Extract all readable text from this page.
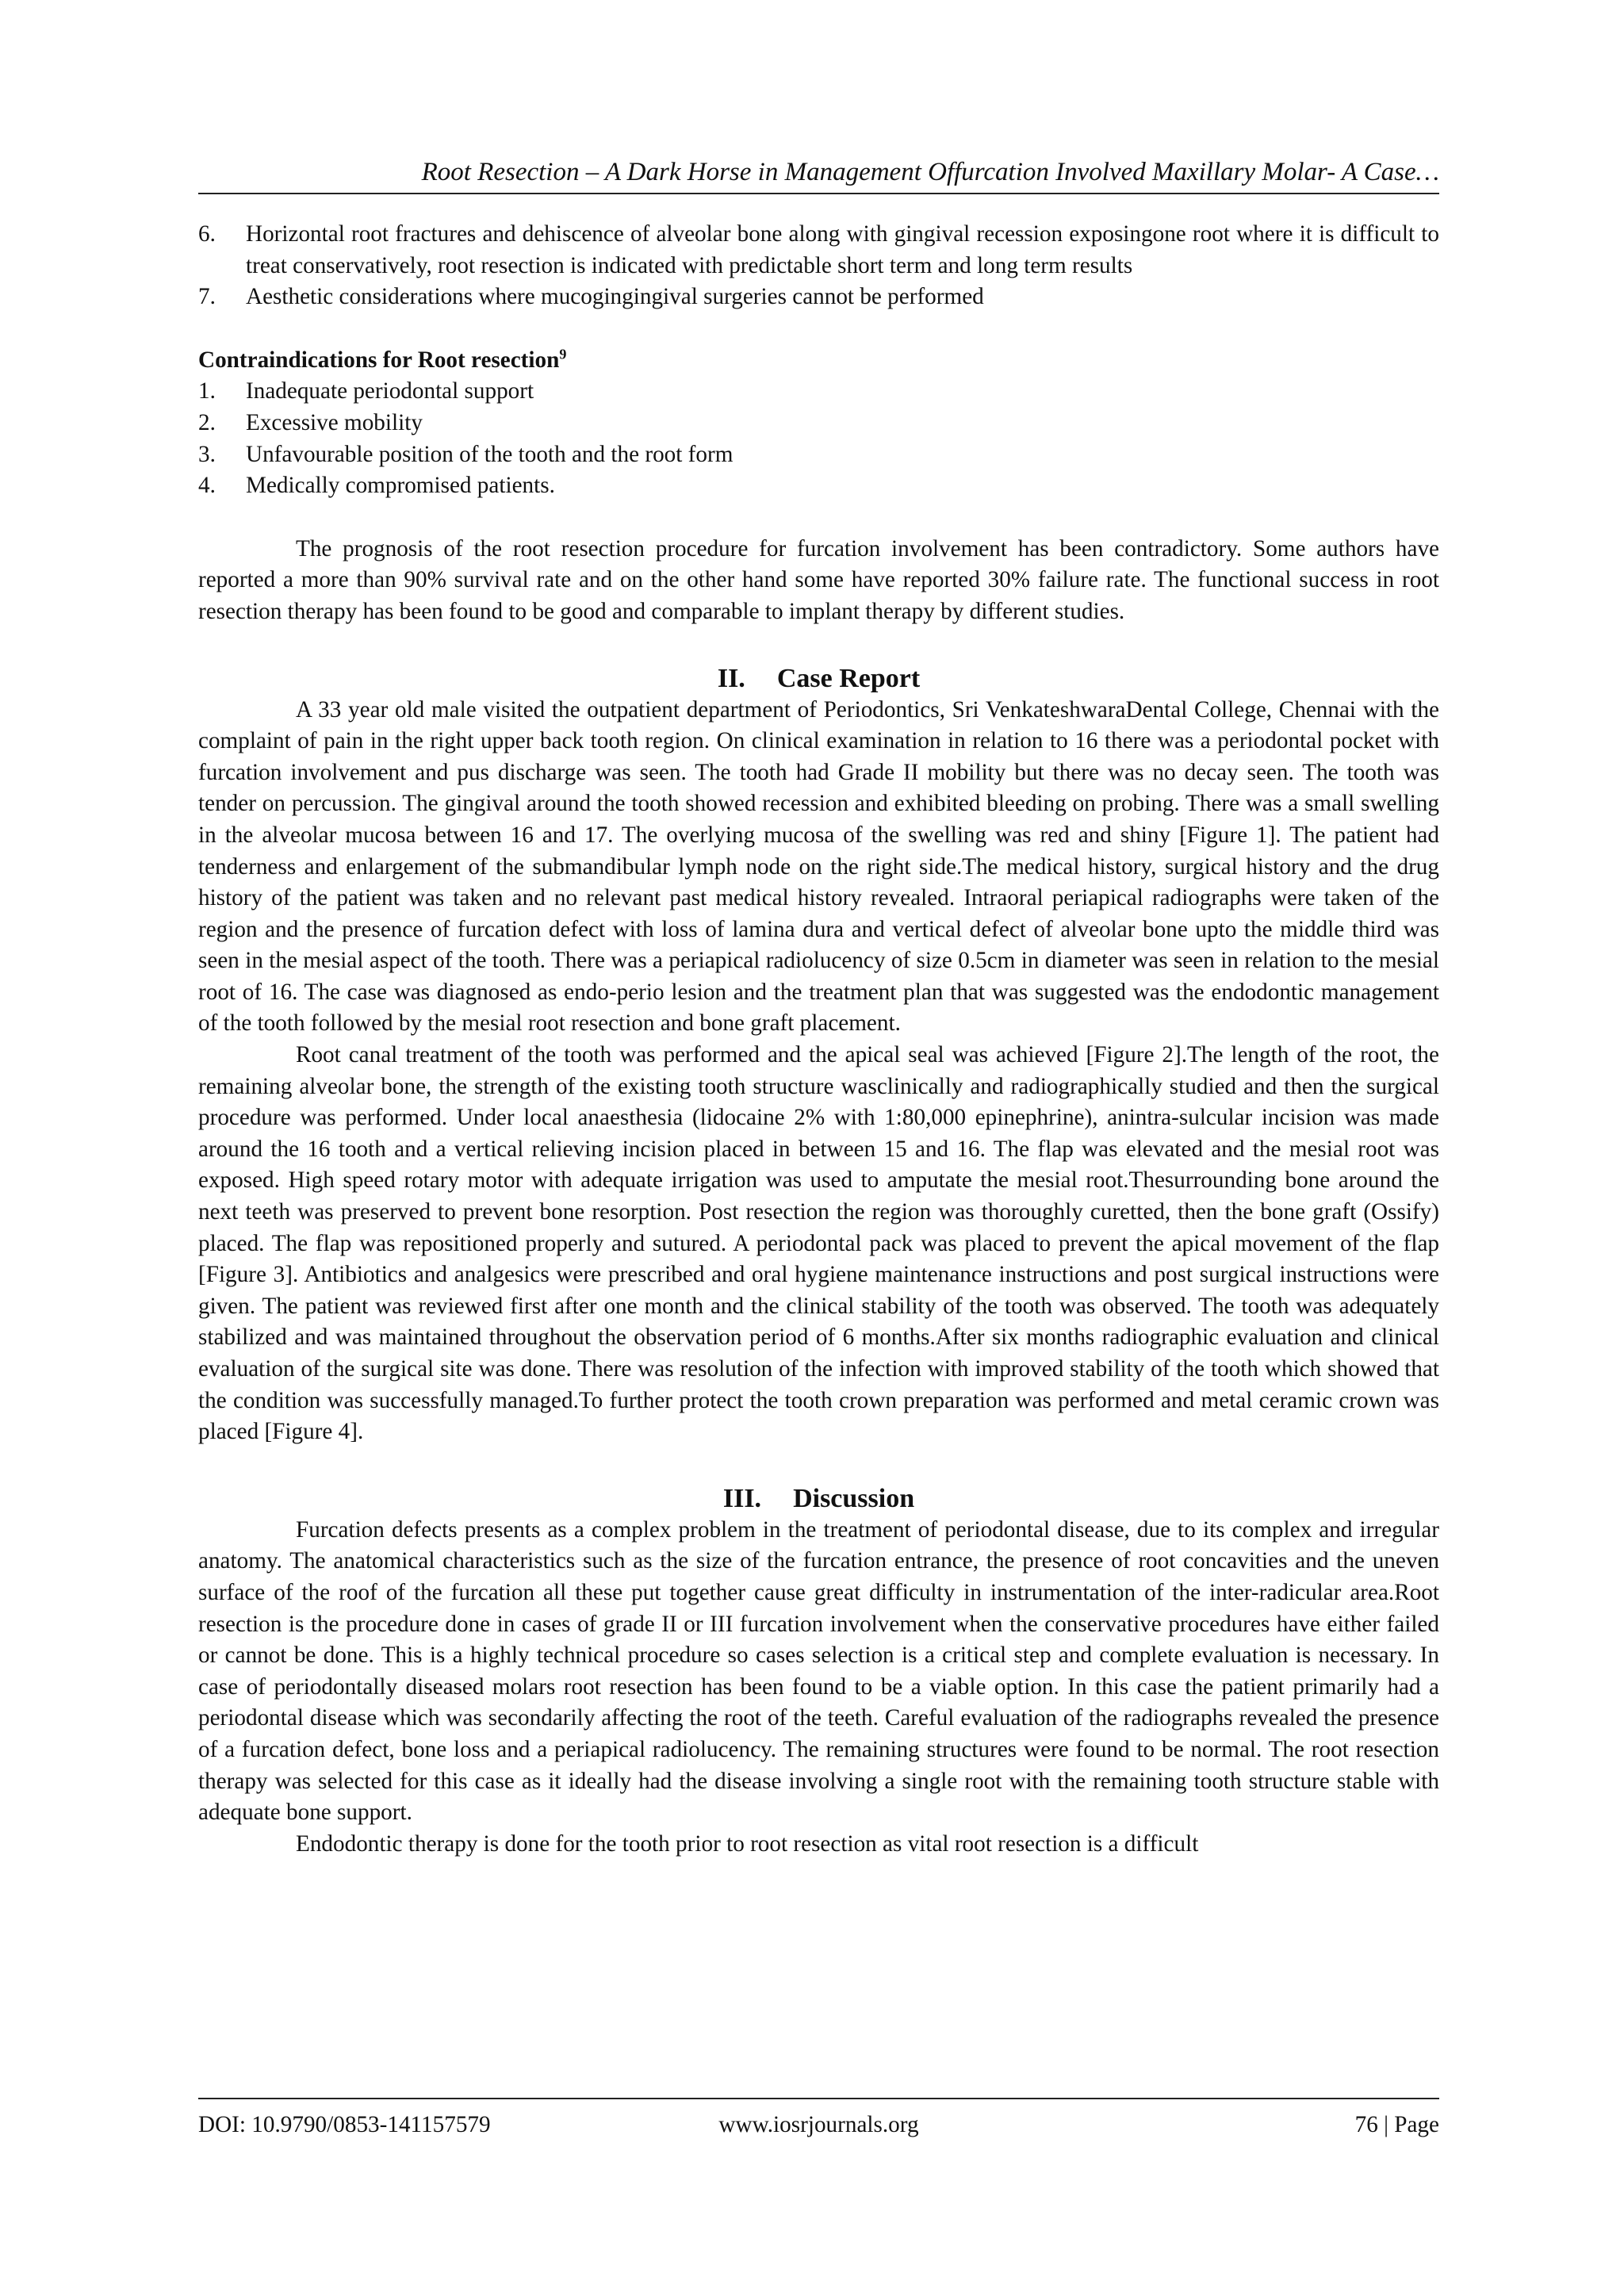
Root Resection – A Dark Horse in Management Offurcation Involved Maxillary Molar- A Case…
6. Horizontal root fractures and dehiscence of alveolar bone along with gingival recession exposingone root where it is difficult to treat conservatively, root resection is indicated with predictable short term and long term results
7. Aesthetic considerations where mucogingingival surgeries cannot be performed

Contraindications for Root resection$^9$

1. Inadequate periodontal support
2. Excessive mobility
3. Unfavourable position of the tooth and the root form
4. Medically compromised patients.

The prognosis of the root resection procedure for furcation involvement has been contradictory. Some authors have reported a more than 90% survival rate and on the other hand some have reported 30% failure rate. The functional success in root resection therapy has been found to be good and comparable to implant therapy by different studies.

II. Case Report

A 33 year old male visited the outpatient department of Periodontics, Sri VenkateshwaraDental College, Chennai with the complaint of pain in the right upper back tooth region. On clinical examination in relation to 16 there was a periodontal pocket with furcation involvement and pus discharge was seen. The tooth had Grade II mobility but there was no decay seen. The tooth was tender on percussion. The gingival around the tooth showed recession and exhibited bleeding on probing. There was a small swelling in the alveolar mucosa between 16 and 17. The overlying mucosa of the swelling was red and shiny [Figure 1]. The patient had tenderness and enlargement of the submandibular lymph node on the right side.The medical history, surgical history and the drug history of the patient was taken and no relevant past medical history revealed. Intraoral periapical radiographs were taken of the region and the presence of furcation defect with loss of lamina dura and vertical defect of alveolar bone upto the middle third was seen in the mesial aspect of the tooth. There was a periapical radiolucency of size 0.5cm in diameter was seen in relation to the mesial root of 16. The case was diagnosed as endo-perio lesion and the treatment plan that was suggested was the endodontic management of the tooth followed by the mesial root resection and bone graft placement.

Root canal treatment of the tooth was performed and the apical seal was achieved [Figure 2].The length of the root, the remaining alveolar bone, the strength of the existing tooth structure wasclinically and radiographically studied and then the surgical procedure was performed. Under local anaesthesia (lidocaine 2% with 1:80,000 epinephrine), anintra-sulcular incision was made around the 16 tooth and a vertical relieving incision placed in between 15 and 16. The flap was elevated and the mesial root was exposed. High speed rotary motor with adequate irrigation was used to amputate the mesial root.Thesurrounding bone around the next teeth was preserved to prevent bone resorption. Post resection the region was thoroughly curetted, then the bone graft (Ossify) placed. The flap was repositioned properly and sutured. A periodontal pack was placed to prevent the apical movement of the flap [Figure 3]. Antibiotics and analgesics were prescribed and oral hygiene maintenance instructions and post surgical instructions were given. The patient was reviewed first after one month and the clinical stability of the tooth was observed. The tooth was adequately stabilized and was maintained throughout the observation period of 6 months.After six months radiographic evaluation and clinical evaluation of the surgical site was done. There was resolution of the infection with improved stability of the tooth which showed that the condition was successfully managed.To further protect the tooth crown preparation was performed and metal ceramic crown was placed [Figure 4].

III. Discussion

Furcation defects presents as a complex problem in the treatment of periodontal disease, due to its complex and irregular anatomy. The anatomical characteristics such as the size of the furcation entrance, the presence of root concavities and the uneven surface of the roof of the furcation all these put together cause great difficulty in instrumentation of the inter-radicular area.Root resection is the procedure done in cases of grade II or III furcation involvement when the conservative procedures have either failed or cannot be done. This is a highly technical procedure so cases selection is a critical step and complete evaluation is necessary. In case of periodontally diseased molars root resection has been found to be a viable option. In this case the patient primarily had a periodontal disease which was secondarily affecting the root of the teeth. Careful evaluation of the radiographs revealed the presence of a furcation defect, bone loss and a periapical radiolucency. The remaining structures were found to be normal. The root resection therapy was selected for this case as it ideally had the disease involving a single root with the remaining tooth structure stable with adequate bone support.

Endodontic therapy is done for the tooth prior to root resection as vital root resection is a difficult

DOI: 10.9790/0853-141157579	www.iosrjournals.org	76 | Page
